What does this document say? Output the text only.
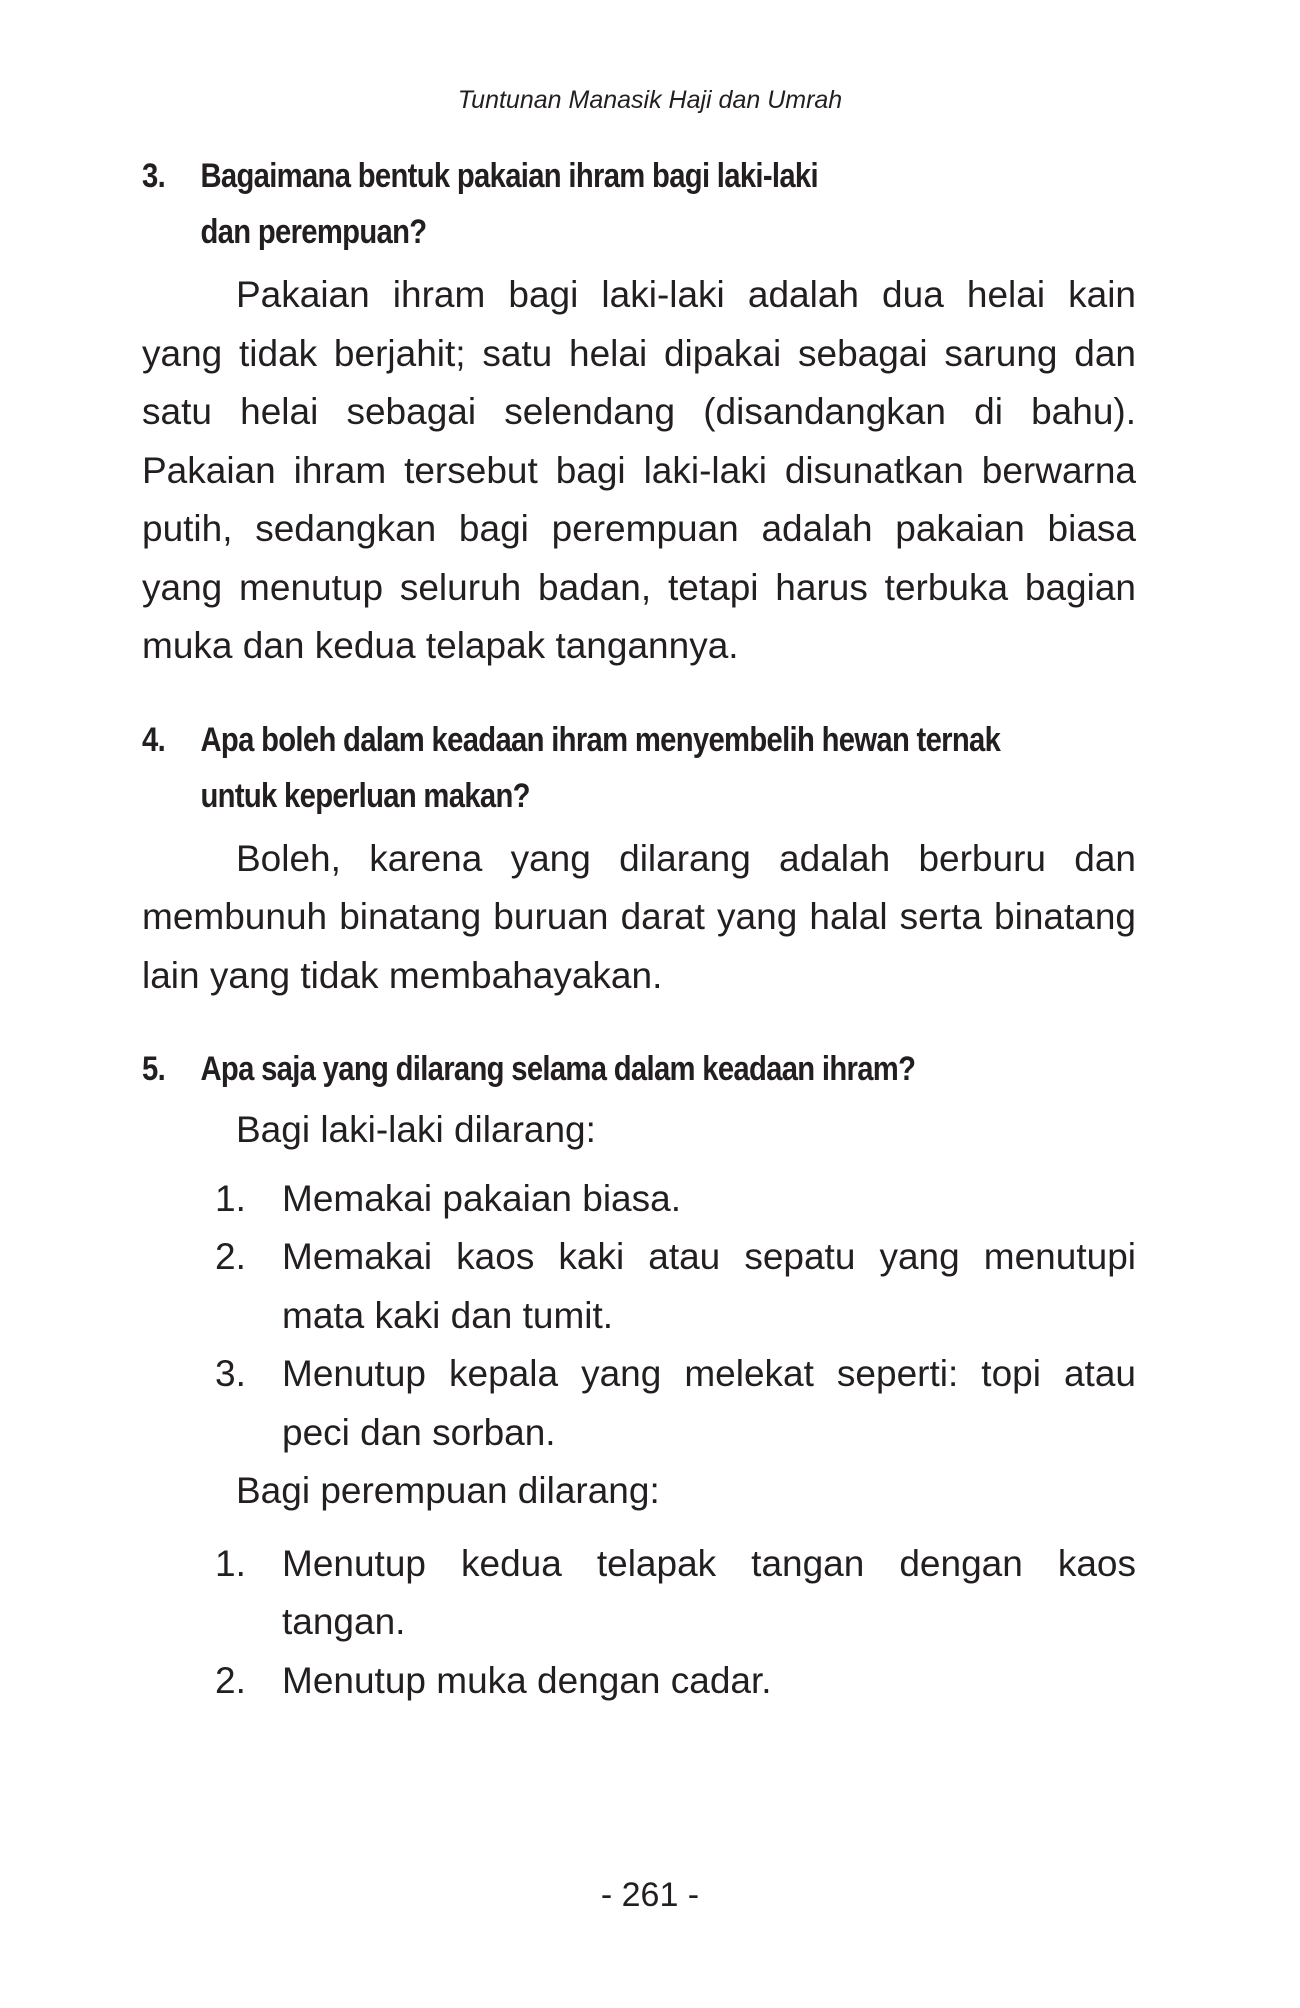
Tuntunan Manasik Haji dan Umrah
3.	Bagaimana bentuk pakaian ihram bagi laki-laki
dan perempuan?

Pakaian ihram bagi laki-laki adalah dua helai kain yang tidak berjahit; satu helai dipakai sebagai sarung dan satu helai sebagai selendang (disandangkan di bahu). Pakaian ihram tersebut bagi laki-laki disunatkan berwarna putih, sedangkan bagi perempuan adalah pakaian biasa yang menutup seluruh badan, tetapi harus terbuka bagian muka dan kedua telapak tangannya.

4.	Apa boleh dalam keadaan ihram menyembelih hewan ternak
untuk keperluan makan?

Boleh, karena yang dilarang adalah berburu dan membunuh binatang buruan darat yang halal serta binatang lain yang tidak membahayakan.

5.	Apa saja yang dilarang selama dalam keadaan ihram?

Bagi laki-laki dilarang:

1. Memakai pakaian biasa.
2. Memakai kaos kaki atau sepatu yang menutupi mata kaki dan tumit.
3. Menutup kepala yang melekat seperti: topi atau peci dan sorban.

Bagi perempuan dilarang:

1. Menutup kedua telapak tangan dengan kaos tangan.
2. Menutup muka dengan cadar.
- 261 -
